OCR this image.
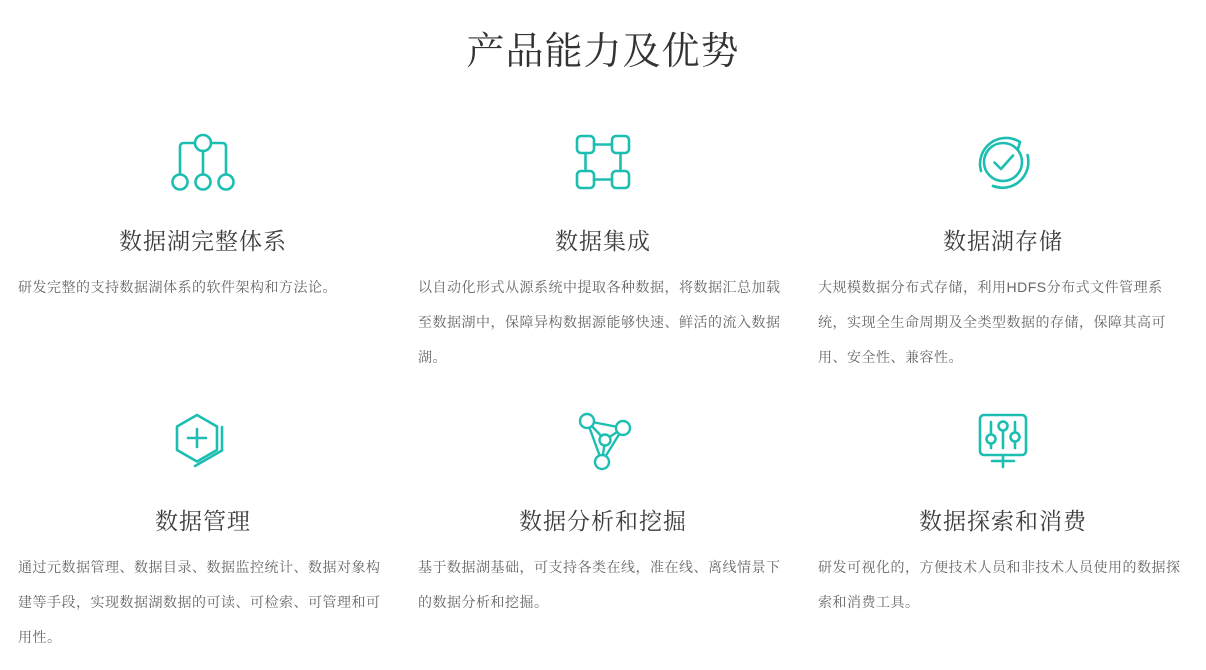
产品能力及优势
数据湖完整体系

研发完整的支持数据湖体系的软件架构和方法论。

数据集成

以自动化形式从源系统中提取各种数据，将数据汇总加载至数据湖中，保障异构数据源能够快速、鲜活的流入数据湖。

数据湖存储

大规模数据分布式存储，利用HDFS分布式文件管理系统，实现全生命周期及全类型数据的存储，保障其高可用、安全性、兼容性。

数据管理

通过元数据管理、数据目录、数据监控统计、数据对象构建等手段，实现数据湖数据的可读、可检索、可管理和可用性。

数据分析和挖掘

基于数据湖基础，可支持各类在线，准在线、离线情景下的数据分析和挖掘。

数据探索和消费

研发可视化的，方便技术人员和非技术人员使用的数据探索和消费工具。
